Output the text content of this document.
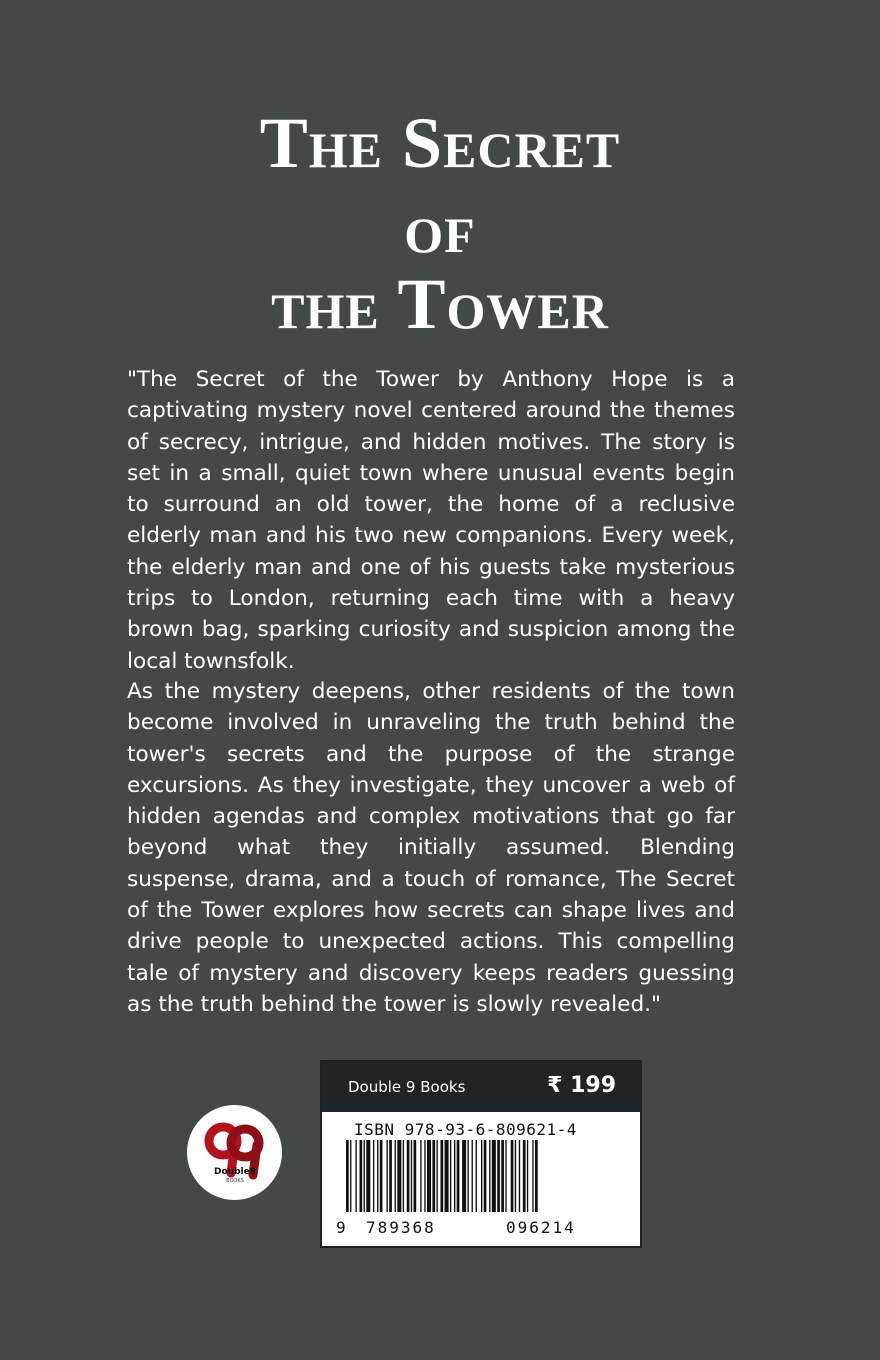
The Secret
of
the Tower

"The Secret of the Tower by Anthony Hope is a captivating mystery novel centered around the themes of secrecy, intrigue, and hidden motives. The story is set in a small, quiet town where unusual events begin to surround an old tower, the home of a reclusive elderly man and his two new companions. Every week, the elderly man and one of his guests take mysterious trips to London, returning each time with a heavy brown bag, sparking curiosity and suspicion among the local townsfolk.

As the mystery deepens, other residents of the town become involved in unraveling the truth behind the tower's secrets and the purpose of the strange excursions. As they investigate, they uncover a web of hidden agendas and complex motivations that go far beyond what they initially assumed. Blending suspense, drama, and a touch of romance, The Secret of the Tower explores how secrets can shape lives and drive people to unexpected actions. This compelling tale of mystery and discovery keeps readers guessing as the truth behind the tower is slowly revealed."

Double9
BOOKS
Double 9 Books	₹ 199
ISBN 978-93-6-809621-4
9 789368	096214
